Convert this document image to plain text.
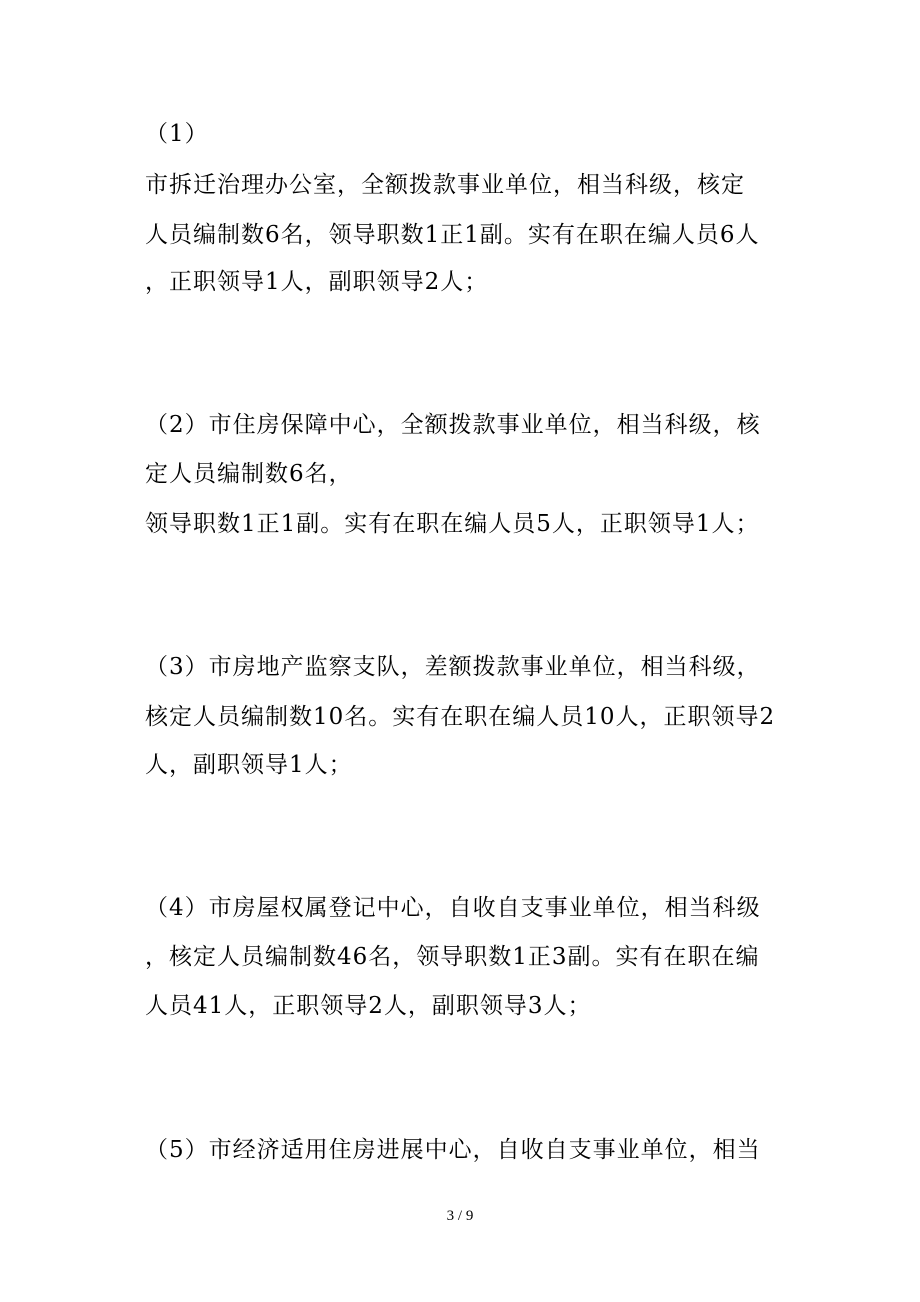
（1）
市拆迁治理办公室，全额拨款事业单位，相当科级，核定
人员编制数6名，领导职数1正1副。实有在职在编人员6人
，正职领导1人，副职领导2人；
（2）市住房保障中心，全额拨款事业单位，相当科级，核
定人员编制数6名，
领导职数1正1副。实有在职在编人员5人，正职领导1人；
（3）市房地产监察支队，差额拨款事业单位，相当科级，
核定人员编制数10名。实有在职在编人员10人，正职领导2
人，副职领导1人；
（4）市房屋权属登记中心，自收自支事业单位，相当科级
，核定人员编制数46名，领导职数1正3副。实有在职在编
人员41人，正职领导2人，副职领导3人；
（5）市经济适用住房进展中心，自收自支事业单位，相当
3 / 9
